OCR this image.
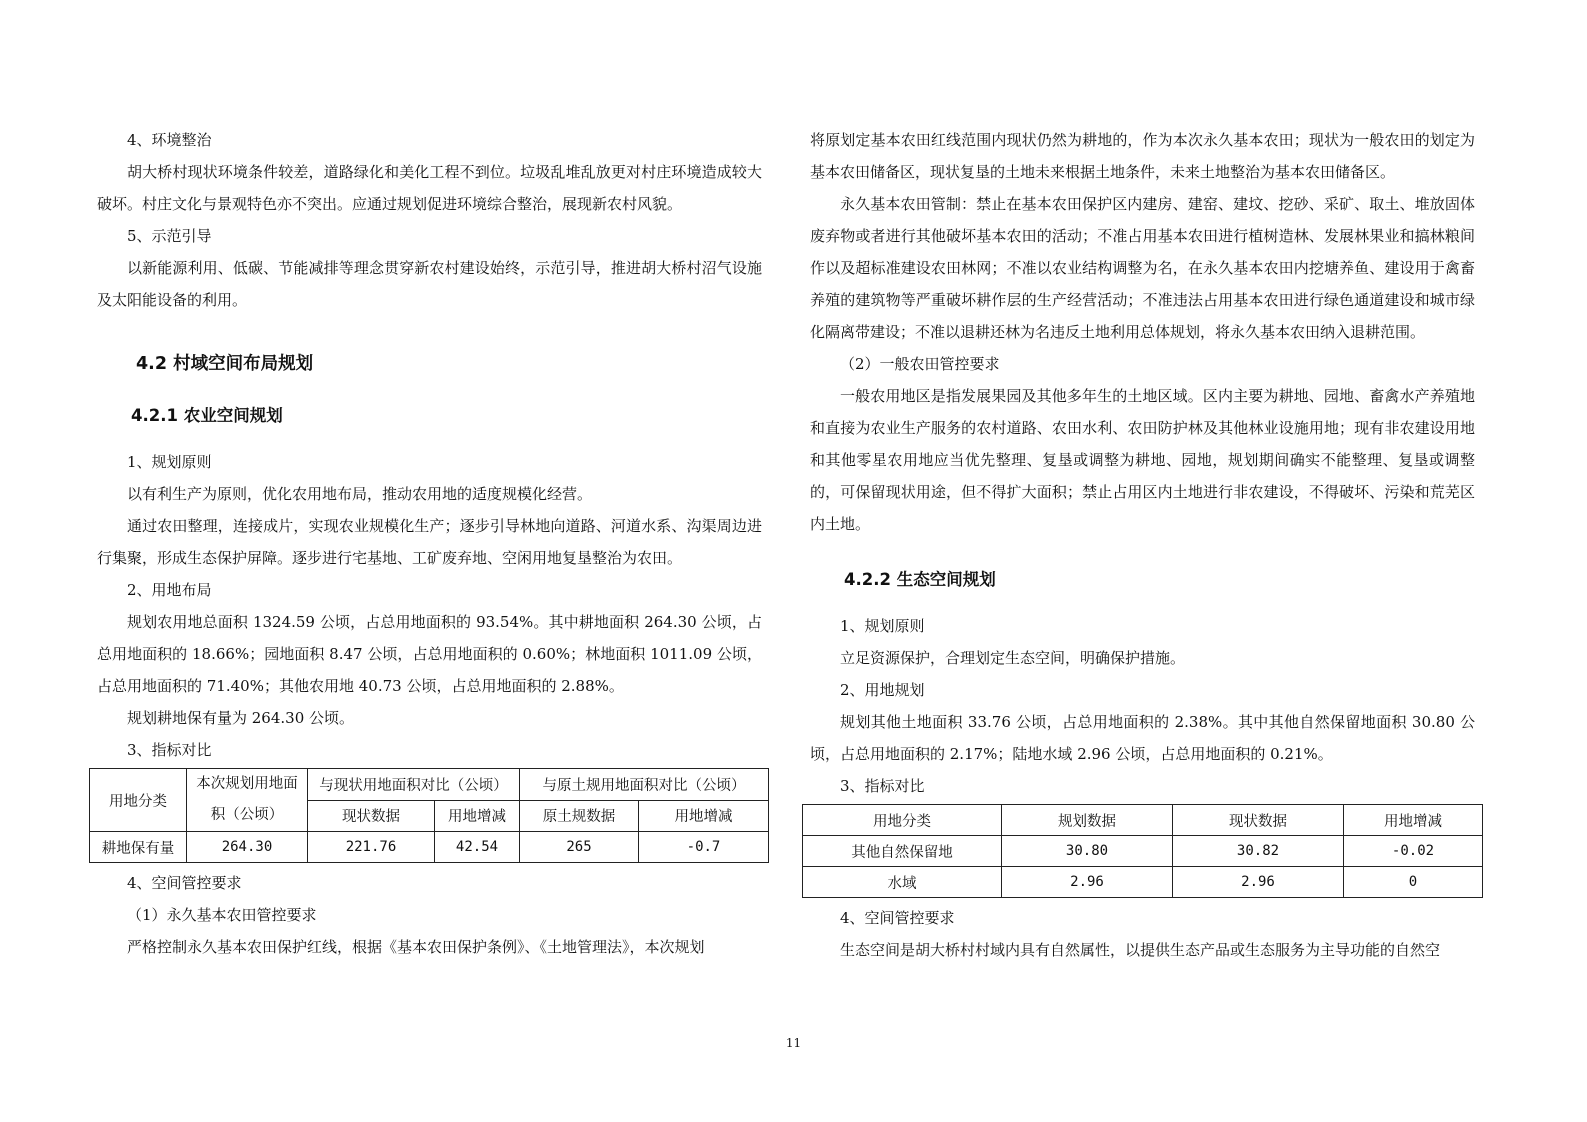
4、环境整治

胡大桥村现状环境条件较差，道路绿化和美化工程不到位。垃圾乱堆乱放更对村庄环境造成较大破坏。村庄文化与景观特色亦不突出。应通过规划促进环境综合整治，展现新农村风貌。

5、示范引导

以新能源利用、低碳、节能减排等理念贯穿新农村建设始终，示范引导，推进胡大桥村沼气设施及太阳能设备的利用。

4.2 村域空间布局规划
4.2.1 农业空间规划

1、规划原则

以有利生产为原则，优化农用地布局，推动农用地的适度规模化经营。

通过农田整理，连接成片，实现农业规模化生产；逐步引导林地向道路、河道水系、沟渠周边进行集聚，形成生态保护屏障。逐步进行宅基地、工矿废弃地、空闲用地复垦整治为农田。

2、用地布局

规划农用地总面积 1324.59 公顷，占总用地面积的 93.54%。其中耕地面积 264.30 公顷，占总用地面积的 18.66%；园地面积 8.47 公顷，占总用地面积的 0.60%；林地面积 1011.09 公顷，占总用地面积的 71.40%；其他农用地 40.73 公顷，占总用地面积的 2.88%。

规划耕地保有量为 264.30 公顷。

3、指标对比

用地分类	本次规划用地面积（公顷）	与现状用地面积对比（公顷）		与原土规用地面积对比（公顷）	
		现状数据	用地增减	原土规数据	用地增减
耕地保有量	264.30	221.76	42.54	265	-0.7

4、空间管控要求

（1）永久基本农田管控要求

严格控制永久基本农田保护红线，根据《基本农田保护条例》、《土地管理法》，本次规划

将原划定基本农田红线范围内现状仍然为耕地的，作为本次永久基本农田；现状为一般农田的划定为基本农田储备区，现状复垦的土地未来根据土地条件，未来土地整治为基本农田储备区。

永久基本农田管制：禁止在基本农田保护区内建房、建窑、建坟、挖砂、采矿、取土、堆放固体废弃物或者进行其他破坏基本农田的活动；不准占用基本农田进行植树造林、发展林果业和搞林粮间作以及超标准建设农田林网；不准以农业结构调整为名，在永久基本农田内挖塘养鱼、建设用于禽畜养殖的建筑物等严重破坏耕作层的生产经营活动；不准违法占用基本农田进行绿色通道建设和城市绿化隔离带建设；不准以退耕还林为名违反土地利用总体规划，将永久基本农田纳入退耕范围。

（2）一般农田管控要求

一般农用地区是指发展果园及其他多年生的土地区域。区内主要为耕地、园地、畜禽水产养殖地和直接为农业生产服务的农村道路、农田水利、农田防护林及其他林业设施用地；现有非农建设用地和其他零星农用地应当优先整理、复垦或调整为耕地、园地，规划期间确实不能整理、复垦或调整的，可保留现状用途，但不得扩大面积；禁止占用区内土地进行非农建设，不得破坏、污染和荒芜区内土地。

4.2.2 生态空间规划

1、规划原则

立足资源保护，合理划定生态空间，明确保护措施。

2、用地规划

规划其他土地面积 33.76 公顷，占总用地面积的 2.38%。其中其他自然保留地面积 30.80 公顷，占总用地面积的 2.17%；陆地水域 2.96 公顷，占总用地面积的 0.21%。

3、指标对比

用地分类	规划数据	现状数据	用地增减
其他自然保留地	30.80	30.82	-0.02
水域	2.96	2.96	0

4、空间管控要求

生态空间是胡大桥村村域内具有自然属性，以提供生态产品或生态服务为主导功能的自然空

11
